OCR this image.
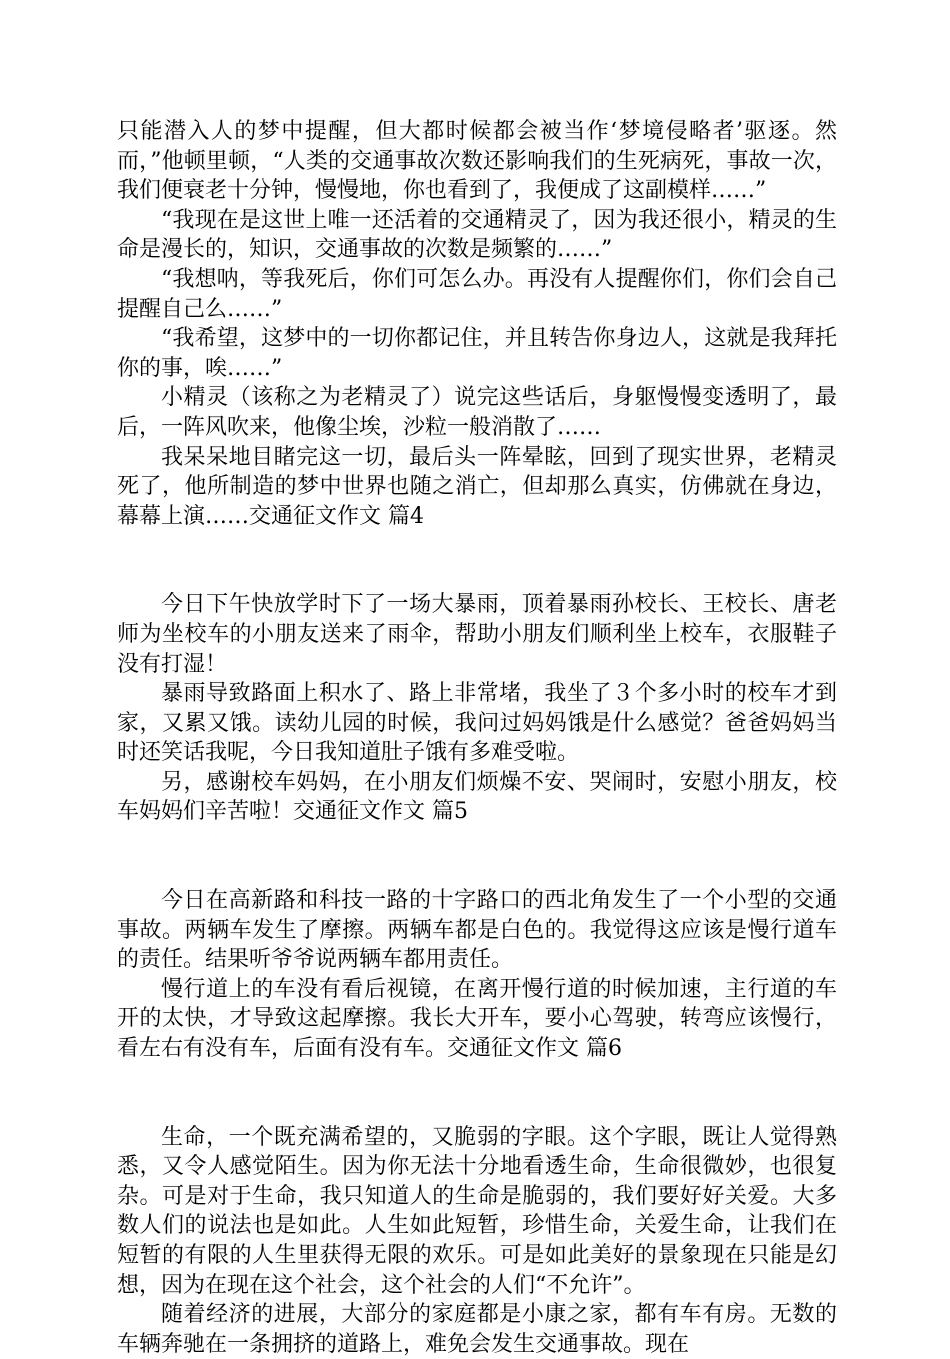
只能潜入人的梦中提醒，但大都时候都会被当作‘梦境侵略者’驱逐。然而，”他顿里顿，“人类的交通事故次数还影响我们的生死病死，事故一次，我们便衰老十分钟，慢慢地，你也看到了，我便成了这副模样……”

“我现在是这世上唯一还活着的交通精灵了，因为我还很小，精灵的生命是漫长的，知识，交通事故的次数是频繁的……”

“我想呐，等我死后，你们可怎么办。再没有人提醒你们，你们会自己提醒自己么……”

“我希望，这梦中的一切你都记住，并且转告你身边人，这就是我拜托你的事，唉……”

小精灵（该称之为老精灵了）说完这些话后，身躯慢慢变透明了，最后，一阵风吹来，他像尘埃，沙粒一般消散了……

我呆呆地目睹完这一切，最后头一阵晕眩，回到了现实世界，老精灵死了，他所制造的梦中世界也随之消亡，但却那么真实，仿佛就在身边，幕幕上演……交通征文作文 篇4

今日下午快放学时下了一场大暴雨，顶着暴雨孙校长、王校长、唐老师为坐校车的小朋友送来了雨伞，帮助小朋友们顺利坐上校车，衣服鞋子没有打湿！

暴雨导致路面上积水了、路上非常堵，我坐了３个多小时的校车才到家，又累又饿。读幼儿园的时候，我问过妈妈饿是什么感觉？爸爸妈妈当时还笑话我呢，今日我知道肚子饿有多难受啦。

另，感谢校车妈妈，在小朋友们烦燥不安、哭闹时，安慰小朋友，校车妈妈们辛苦啦！交通征文作文 篇5

今日在高新路和科技一路的十字路口的西北角发生了一个小型的交通事故。两辆车发生了摩擦。两辆车都是白色的。我觉得这应该是慢行道车的责任。结果听爷爷说两辆车都用责任。

慢行道上的车没有看后视镜，在离开慢行道的时候加速，主行道的车开的太快，才导致这起摩擦。我长大开车，要小心驾驶，转弯应该慢行，看左右有没有车，后面有没有车。交通征文作文 篇6

生命，一个既充满希望的，又脆弱的字眼。这个字眼，既让人觉得熟悉，又令人感觉陌生。因为你无法十分地看透生命，生命很微妙，也很复杂。可是对于生命，我只知道人的生命是脆弱的，我们要好好关爱。大多数人们的说法也是如此。人生如此短暂，珍惜生命，关爱生命，让我们在短暂的有限的人生里获得无限的欢乐。可是如此美好的景象现在只能是幻想，因为在现在这个社会，这个社会的人们“不允许”。

随着经济的进展，大部分的家庭都是小康之家，都有车有房。无数的车辆奔驰在一条拥挤的道路上，难免会发生交通事故。现在
